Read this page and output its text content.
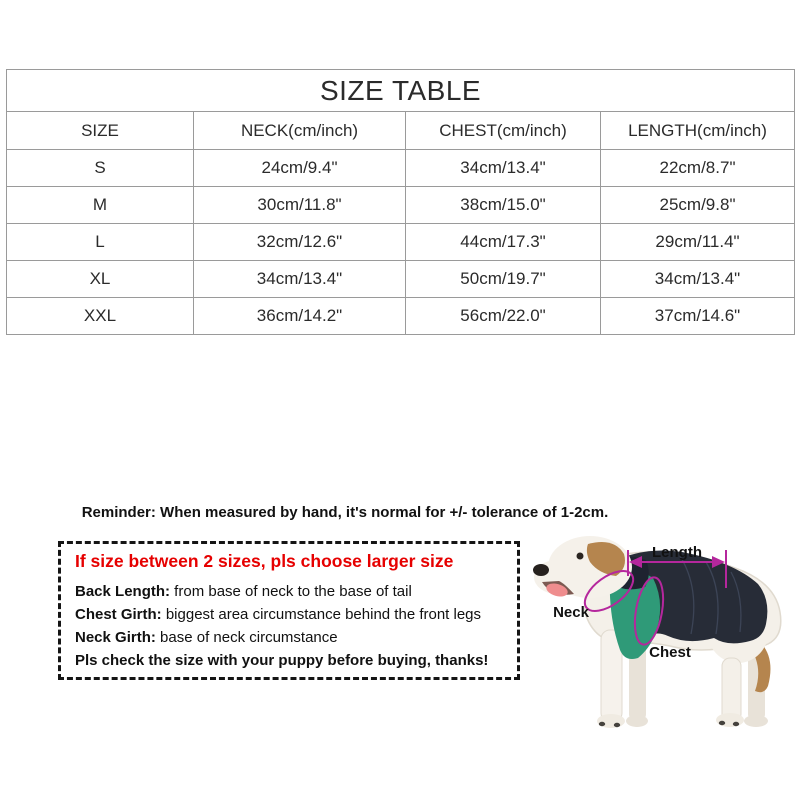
SIZE TABLE			
SIZE	NECK(cm/inch)	CHEST(cm/inch)	LENGTH(cm/inch)
S	24cm/9.4"	34cm/13.4"	22cm/8.7"
M	30cm/11.8"	38cm/15.0"	25cm/9.8"
L	32cm/12.6"	44cm/17.3"	29cm/11.4"
XL	34cm/13.4"	50cm/19.7"	34cm/13.4"
XXL	36cm/14.2"	56cm/22.0"	37cm/14.6"
Reminder: When measured by hand, it's normal for +/- tolerance of 1-2cm.
If size between 2 sizes, pls choose larger size
Back Length: from base of neck to the base of tail
Chest Girth: biggest area circumstance behind the front legs
Neck Girth: base of neck circumstance
Pls check the size with your puppy before buying, thanks!
Length
Neck
Chest
